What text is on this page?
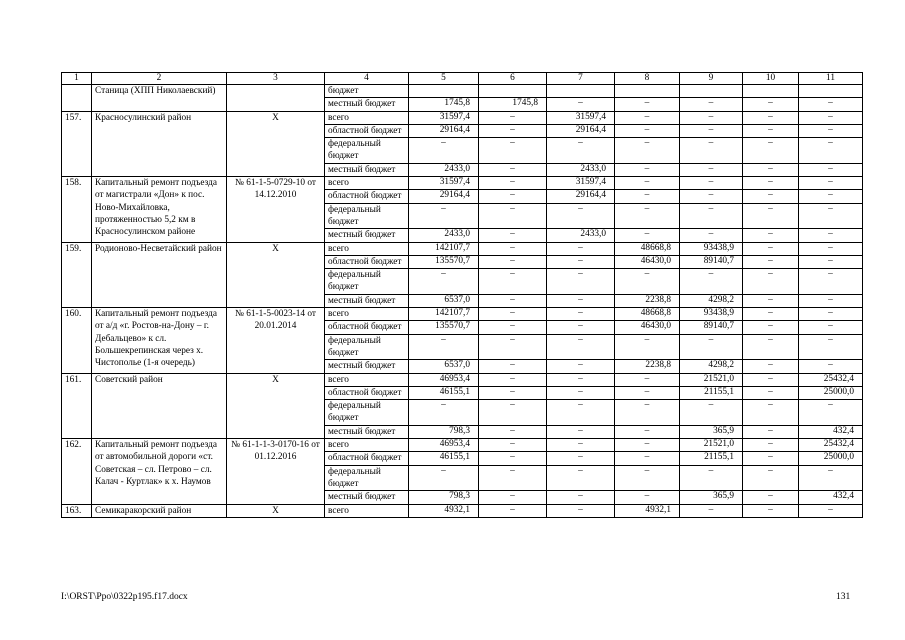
1	2	3	4	5	6	7	8	9	10	11
	Станица (ХПП Николаевский)		бюджет							
			местный бюджет	1745,8	1745,8	–	–	–	–	–
157.	Красносулинский район	X	всего	31597,4	–	31597,4	–	–	–	–
			областной бюджет	29164,4	–	29164,4	–	–	–	–
			федеральный бюджет	–	–	–	–	–	–	–
			местный бюджет	2433,0	–	2433,0	–	–	–	–
158.	Капитальный ремонт подъезда от магистрали «Дон» к пос. Ново-Михайловка, протяженностью 5,2 км в Красносулинском районе	№ 61-1-5-0729-10 от 14.12.2010	всего	31597,4	–	31597,4	–	–	–	–
			областной бюджет	29164,4	–	29164,4	–	–	–	–
			федеральный бюджет	–	–	–	–	–	–	–
			местный бюджет	2433,0	–	2433,0	–	–	–	–
159.	Родионово-Несветайский район	X	всего	142107,7	–	–	48668,8	93438,9	–	–
			областной бюджет	135570,7	–	–	46430,0	89140,7	–	–
			федеральный бюджет	–	–	–	–	–	–	–
			местный бюджет	6537,0	–	–	2238,8	4298,2	–	–
160.	Капитальный ремонт подъезда от а/д «г. Ростов-на-Дону – г. Дебальцево» к сл. Большекрепинская через х. Чистополье (1-я очередь)	№ 61-1-5-0023-14 от 20.01.2014	всего	142107,7	–	–	48668,8	93438,9	–	–
			областной бюджет	135570,7	–	–	46430,0	89140,7	–	–
			федеральный бюджет	–	–	–	–	–	–	–
			местный бюджет	6537,0	–	–	2238,8	4298,2	–	–
161.	Советский район	X	всего	46953,4	–	–	–	21521,0	–	25432,4
			областной бюджет	46155,1	–	–	–	21155,1	–	25000,0
			федеральный бюджет	–	–	–	–	–	–	–
			местный бюджет	798,3	–	–	–	365,9	–	432,4
162.	Капитальный ремонт подъезда от автомобильной дороги «ст. Советская – сл. Петрово – сл. Калач - Куртлак» к х. Наумов	№ 61-1-1-3-0170-16 от 01.12.2016	всего	46953,4	–	–	–	21521,0	–	25432,4
			областной бюджет	46155,1	–	–	–	21155,1	–	25000,0
			федеральный бюджет	–	–	–	–	–	–	–
			местный бюджет	798,3	–	–	–	365,9	–	432,4
163.	Семикаракорский район	X	всего	4932,1	–	–	4932,1	–	–	–
I:\ORST\Ppo\0322p195.f17.docx	131
